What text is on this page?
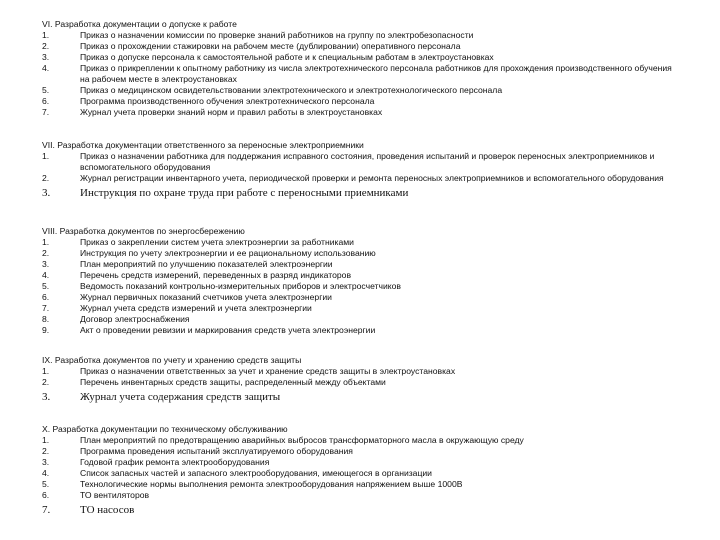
VI. Разработка документации о допуске к работе
1.	Приказ о назначении комиссии по проверке знаний работников на группу по электробезопасности
2.	Приказ о прохождении стажировки на рабочем месте (дублировании) оперативного персонала
3.	Приказ о допуске персонала к самостоятельной работе и к специальным работам в электроустановках
4.	Приказ о прикреплении к опытному работнику из числа электротехнического персонала работников для прохождения производственного обучения на рабочем месте в электроустановках
5.	Приказ о медицинском освидетельствовании электротехнического и электротехнологического персонала
6.	Программа производственного обучения электротехнического персонала
7.	Журнал учета проверки знаний норм и правил работы в электроустановках
VII. Разработка документации ответственного за переносные электроприемники
1.	Приказ о назначении работника для поддержания исправного состояния, проведения испытаний и проверок переносных электроприемников и вспомогательного оборудования
2.	Журнал регистрации инвентарного учета, периодической проверки и ремонта переносных электроприемников и вспомогательного оборудования
3.	Инструкция по охране труда при работе с переносными приемниками
VIII. Разработка документов по энергосбережению
1.	Приказ о закреплении систем учета электроэнергии за работниками
2.	Инструкция по учету электроэнергии и ее рациональному использованию
3.	План мероприятий по улучшению показателей электроэнергии
4.	Перечень средств измерений, переведенных в разряд индикаторов
5.	Ведомость показаний контрольно-измерительных приборов и электросчетчиков
6.	Журнал первичных показаний счетчиков учета электроэнергии
7.	Журнал учета средств измерений и учета электроэнергии
8.	Договор электроснабжения
9.	Акт о проведении ревизии и маркирования средств учета электроэнергии
IX. Разработка документов по учету и хранению средств защиты
1.	Приказ о назначении ответственных за учет и хранение средств защиты в электроустановках
2.	Перечень инвентарных средств защиты, распределенный между объектами
3.	Журнал учета содержания средств защиты
X. Разработка документации по техническому обслуживанию
1.	План мероприятий по предотвращению аварийных выбросов трансформаторного масла в окружающую среду
2.	Программа проведения испытаний эксплуатируемого оборудования
3.	Годовой график ремонта электрооборудования
4.	Список запасных частей и запасного электрооборудования, имеющегося в организации
5.	Технологические нормы выполнения ремонта электрооборудования напряжением выше 1000В
6.	ТО вентиляторов
7.	ТО насосов
